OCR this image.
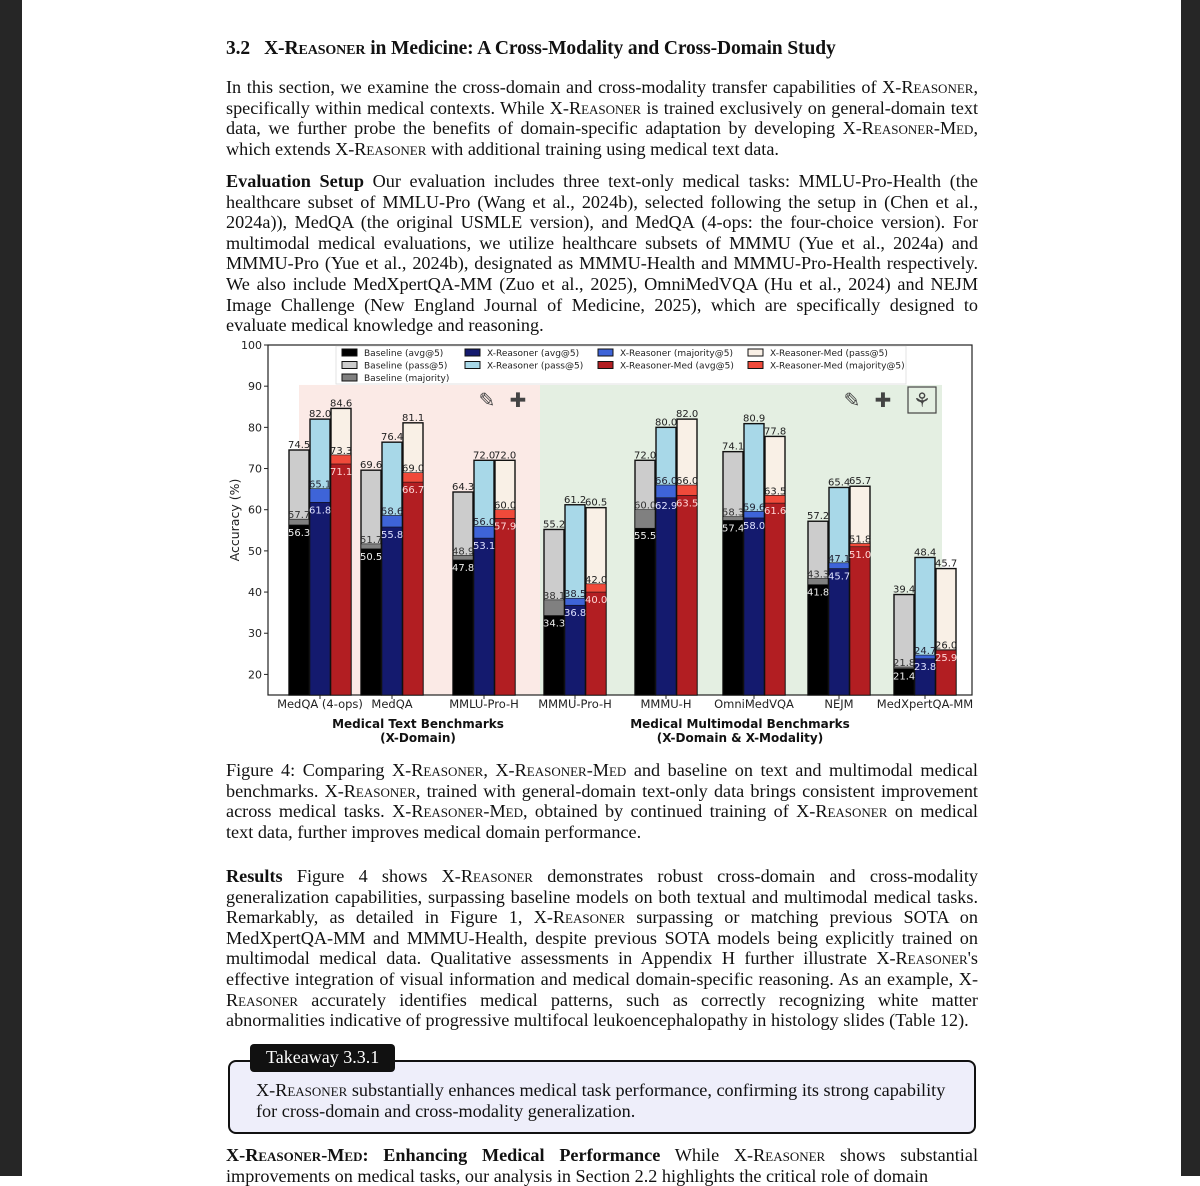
3.2 X-Reasoner in Medicine: A Cross-Modality and Cross-Domain Study

In this section, we examine the cross-domain and cross-modality transfer capabilities of X-Reasoner, specifically within medical contexts. While X-Reasoner is trained exclusively on general-domain text data, we further probe the benefits of domain-specific adaptation by developing X-Reasoner-Med, which extends X-Reasoner with additional training using medical text data.

Evaluation Setup Our evaluation includes three text-only medical tasks: MMLU-Pro-Health (the healthcare subset of MMLU-Pro (Wang et al., 2024b), selected following the setup in (Chen et al., 2024a)), MedQA (the original USMLE version), and MedQA (4-ops: the four-choice version). For multimodal medical evaluations, we utilize healthcare subsets of MMMU (Yue et al., 2024a) and MMMU-Pro (Yue et al., 2024b), designated as MMMU-Health and MMMU-Pro-Health respectively. We also include MedXpertQA-MM (Zuo et al., 2025), OmniMedVQA (Hu et al., 2024) and NEJM Image Challenge (New England Journal of Medicine, 2025), which are specifically designed to evaluate medical knowledge and reasoning.

Figure 4: Comparing X-Reasoner, X-Reasoner-Med and baseline on text and multimodal medical benchmarks. X-Reasoner, trained with general-domain text-only data brings consistent improvement across medical tasks. X-Reasoner-Med, obtained by continued training of X-Reasoner on medical text data, further improves medical domain performance.

Results Figure 4 shows X-Reasoner demonstrates robust cross-domain and cross-modality generalization capabilities, surpassing baseline models on both textual and multimodal medical tasks. Remarkably, as detailed in Figure 1, X-Reasoner surpassing or matching previous SOTA on MedXpertQA-MM and MMMU-Health, despite previous SOTA models being explicitly trained on multimodal medical data. Qualitative assessments in Appendix H further illustrate X-Reasoner's effective integration of visual information and medical domain-specific reasoning. As an example, X-Reasoner accurately identifies medical patterns, such as correctly recognizing white matter abnormalities indicative of progressive multifocal leukoencephalopathy in histology slides (Table 12).

Takeaway 3.3.1
X-Reasoner substantially enhances medical task performance, confirming its strong capability for cross-domain and cross-modality generalization.

X-Reasoner-Med: Enhancing Medical Performance While X-Reasoner shows substantial improvements on medical tasks, our analysis in Section 2.2 highlights the critical role of domain

20
30
40
50
60
70
80
90
100
Accuracy (%)
74.5
57.7
56.3
82.0
65.1
61.8
84.6
73.3
71.1
MedQA (4-ops)
69.6
51.7
50.5
76.4
58.6
55.8
81.1
69.0
66.7
MedQA
64.3
48.9
47.8
72.0
56.0
53.1
72.0
60.0
57.9
MMLU-Pro-H
55.2
38.1
34.3
61.2
38.5
36.8
60.5
42.0
40.0
MMMU-Pro-H
72.0
60.0
55.5
80.0
66.0
62.9
82.0
66.0
63.5
MMMU-H
74.1
58.3
57.4
80.9
59.6
58.0
77.8
63.5
61.6
OmniMedVQA
57.2
43.3
41.8
65.4
47.1
45.7
65.7
51.8
51.0
NEJM
39.4
21.8
21.4
48.4
24.7
23.8
45.7
26.0
25.9
MedXpertQA-MM
Medical Text Benchmarks
(X-Domain)
Medical Multimodal Benchmarks
(X-Domain & X-Modality)
Baseline (avg@5)	X-Reasoner (avg@5)	X-Reasoner (majority@5)	X-Reasoner-Med (pass@5)
Baseline (pass@5)	X-Reasoner (pass@5)	X-Reasoner-Med (avg@5)	X-Reasoner-Med (majority@5)
Baseline (majority)
✎ ✚	✎ ✚ ⚘
